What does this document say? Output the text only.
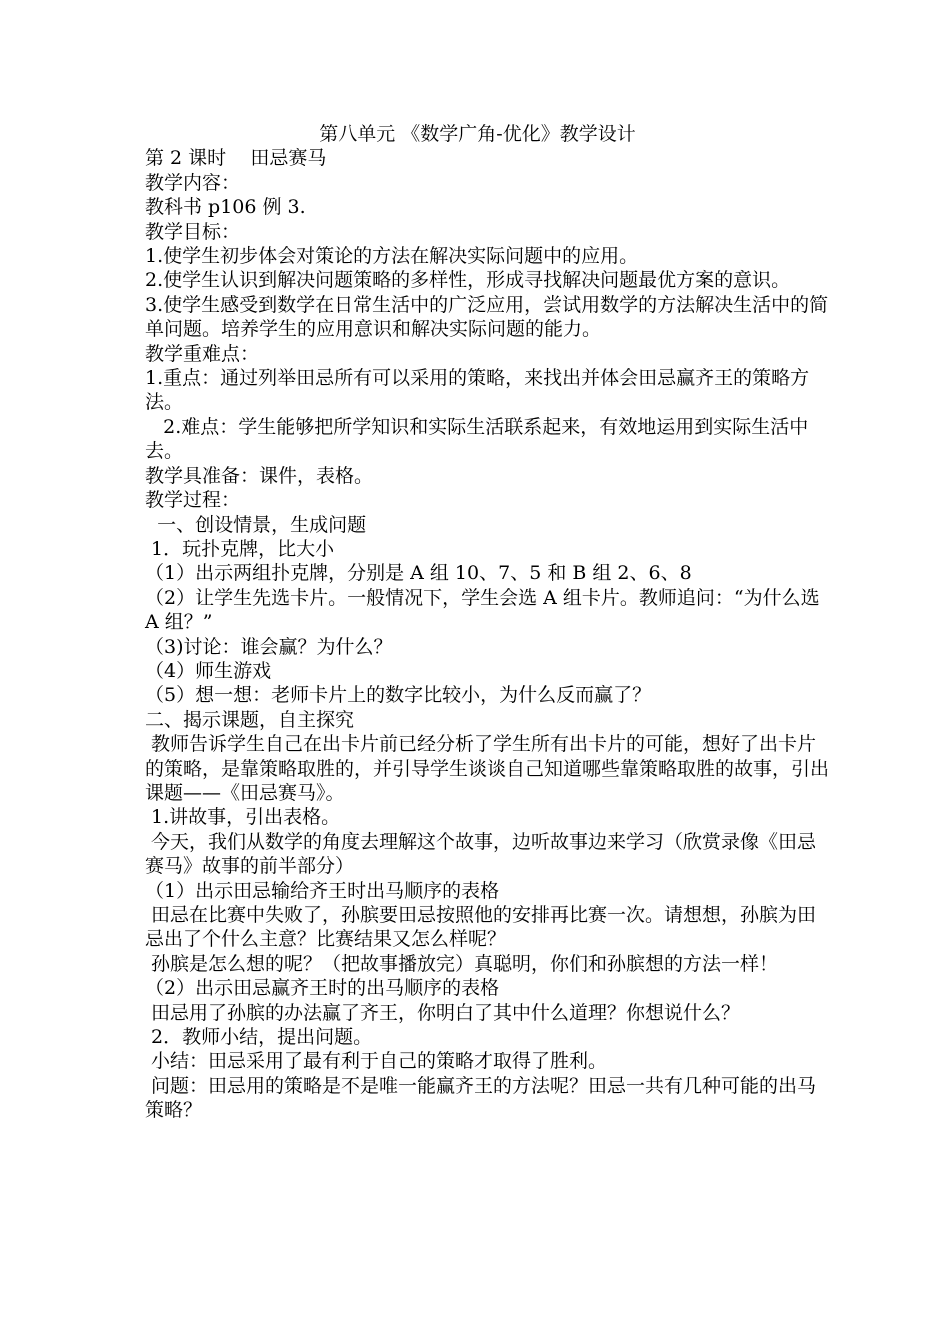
第八单元 《数学广角-优化》教学设计
第 2 课时    田忌赛马
教学内容：
教科书 p106 例 3.
教学目标：
1.使学生初步体会对策论的方法在解决实际问题中的应用。
2.使学生认识到解决问题策略的多样性，形成寻找解决问题最优方案的意识。
3.使学生感受到数学在日常生活中的广泛应用，尝试用数学的方法解决生活中的简单问题。培养学生的应用意识和解决实际问题的能力。
教学重难点：
1.重点：通过列举田忌所有可以采用的策略，来找出并体会田忌赢齐王的策略方法。
2.难点：学生能够把所学知识和实际生活联系起来，有效地运用到实际生活中去。
教学具准备：课件，表格。
教学过程：
一、创设情景，生成问题
1．玩扑克牌，比大小
（1）出示两组扑克牌，分别是 A 组 10、7、5 和 B 组 2、6、8
（2）让学生先选卡片。一般情况下，学生会选 A 组卡片。教师追问：“为什么选 A 组？”
（3)讨论：谁会赢？为什么？
（4）师生游戏
（5）想一想：老师卡片上的数字比较小，为什么反而赢了？
二、揭示课题，自主探究
教师告诉学生自己在出卡片前已经分析了学生所有出卡片的可能，想好了出卡片的策略，是靠策略取胜的，并引导学生谈谈自己知道哪些靠策略取胜的故事，引出课题——《田忌赛马》。
1.讲故事，引出表格。
今天，我们从数学的角度去理解这个故事，边听故事边来学习（欣赏录像《田忌赛马》故事的前半部分）
（1）出示田忌输给齐王时出马顺序的表格
田忌在比赛中失败了，孙膑要田忌按照他的安排再比赛一次。请想想，孙膑为田忌出了个什么主意？比赛结果又怎么样呢？
孙膑是怎么想的呢？（把故事播放完）真聪明，你们和孙膑想的方法一样！
（2）出示田忌赢齐王时的出马顺序的表格
田忌用了孙膑的办法赢了齐王，你明白了其中什么道理？你想说什么？
2．教师小结，提出问题。
小结：田忌采用了最有利于自己的策略才取得了胜利。
问题：田忌用的策略是不是唯一能赢齐王的方法呢？田忌一共有几种可能的出马策略？
